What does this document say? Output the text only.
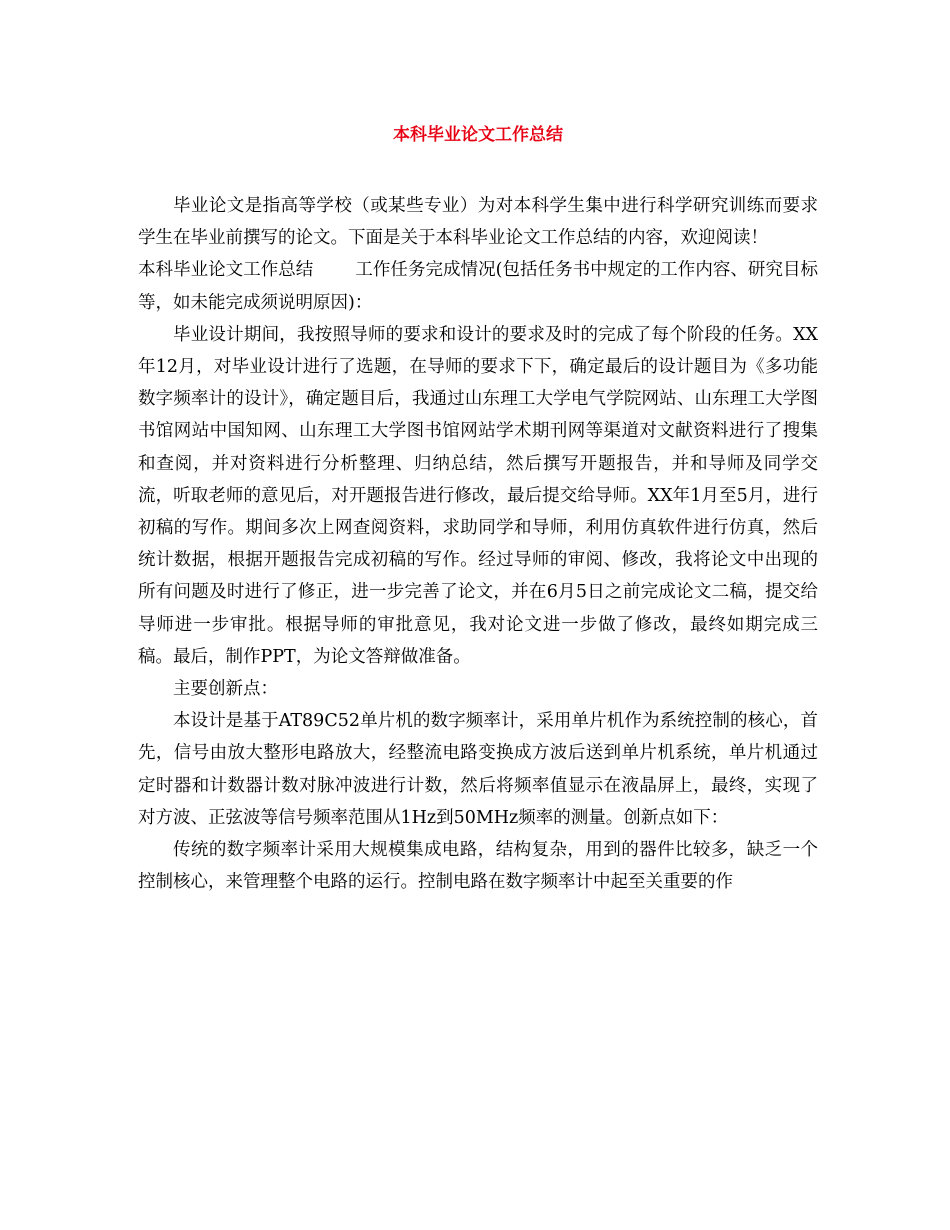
本科毕业论文工作总结

毕业论文是指高等学校（或某些专业）为对本科学生集中进行科学研究训练而要求学生在毕业前撰写的论文。下面是关于本科毕业论文工作总结的内容，欢迎阅读！

本科毕业论文工作总结 工作任务完成情况(包括任务书中规定的工作内容、研究目标等，如未能完成须说明原因)：

毕业设计期间，我按照导师的要求和设计的要求及时的完成了每个阶段的任务。XX年12月，对毕业设计进行了选题，在导师的要求下下，确定最后的设计题目为《多功能数字频率计的设计》，确定题目后，我通过山东理工大学电气学院网站、山东理工大学图书馆网站中国知网、山东理工大学图书馆网站学术期刊网等渠道对文献资料进行了搜集和查阅，并对资料进行分析整理、归纳总结，然后撰写开题报告，并和导师及同学交流，听取老师的意见后，对开题报告进行修改，最后提交给导师。XX年1月至5月，进行初稿的写作。期间多次上网查阅资料，求助同学和导师，利用仿真软件进行仿真，然后统计数据，根据开题报告完成初稿的写作。经过导师的审阅、修改，我将论文中出现的所有问题及时进行了修正，进一步完善了论文，并在6月5日之前完成论文二稿，提交给导师进一步审批。根据导师的审批意见，我对论文进一步做了修改，最终如期完成三稿。最后，制作PPT，为论文答辩做准备。

主要创新点：

本设计是基于AT89C52单片机的数字频率计，采用单片机作为系统控制的核心，首先，信号由放大整形电路放大，经整流电路变换成方波后送到单片机系统，单片机通过定时器和计数器计数对脉冲波进行计数，然后将频率值显示在液晶屏上，最终，实现了对方波、正弦波等信号频率范围从1Hz到50MHz频率的测量。创新点如下：

传统的数字频率计采用大规模集成电路，结构复杂，用到的器件比较多，缺乏一个控制核心，来管理整个电路的运行。控制电路在数字频率计中起至关重要的作
